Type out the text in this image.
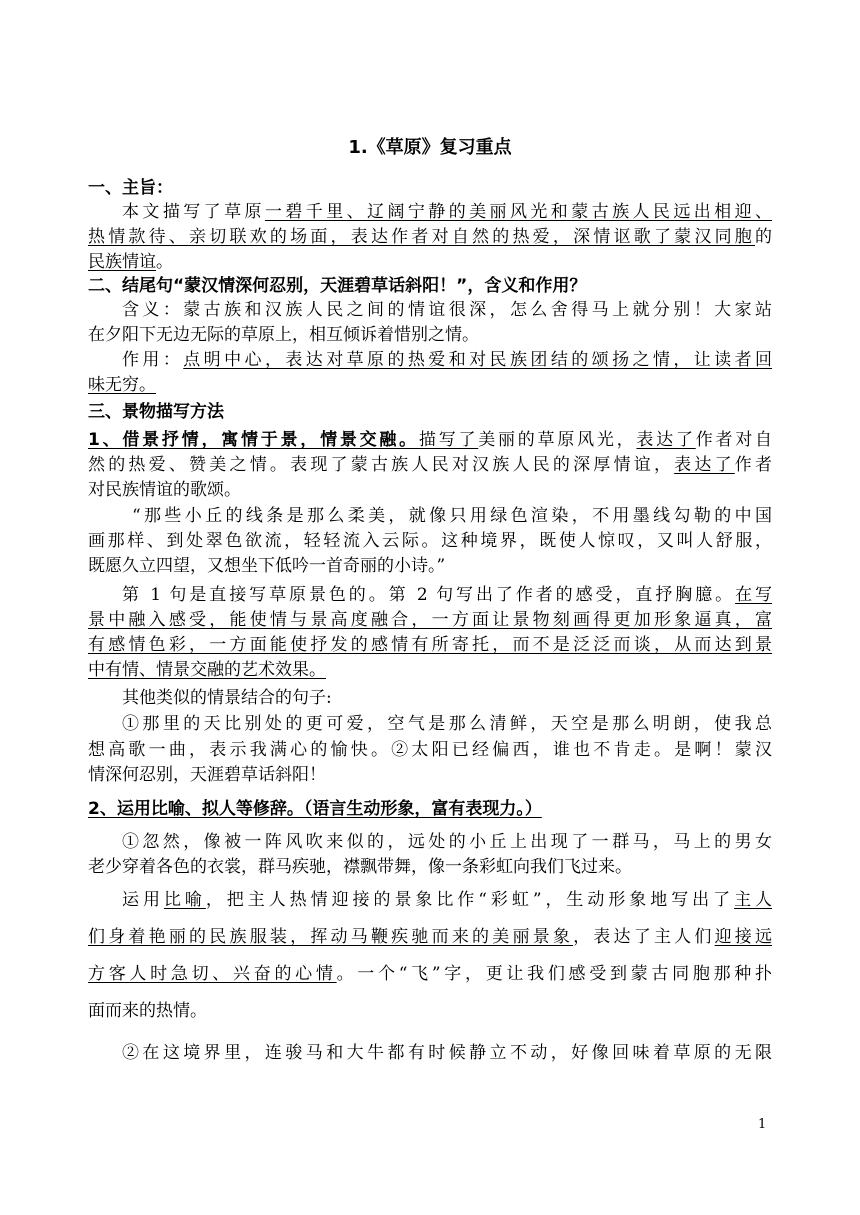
1.《草原》复习重点
一、主旨：
本文描写了草原一碧千里、辽阔宁静的美丽风光和蒙古族人民远出相迎、
热情款待、亲切联欢的场面，表达作者对自然的热爱，深情讴歌了蒙汉同胞的
民族情谊。
二、结尾句“蒙汉情深何忍别，天涯碧草话斜阳！”，含义和作用？
含义：蒙古族和汉族人民之间的情谊很深，怎么舍得马上就分别！大家站
在夕阳下无边无际的草原上，相互倾诉着惜别之情。
作用：点明中心，表达对草原的热爱和对民族团结的颂扬之情，让读者回
味无穷。
三、景物描写方法
1、借景抒情，寓情于景，情景交融。描写了美丽的草原风光，表达了作者对自
然的热爱、赞美之情。表现了蒙古族人民对汉族人民的深厚情谊，表达了作者
对民族情谊的歌颂。
“那些小丘的线条是那么柔美，就像只用绿色渲染，不用墨线勾勒的中国
画那样、到处翠色欲流，轻轻流入云际。这种境界，既使人惊叹，又叫人舒服，
既愿久立四望，又想坐下低吟一首奇丽的小诗。”
第 1 句是直接写草原景色的。第 2 句写出了作者的感受，直抒胸臆。在写
景中融入感受，能使情与景高度融合，一方面让景物刻画得更加形象逼真，富
有感情色彩，一方面能使抒发的感情有所寄托，而不是泛泛而谈，从而达到景
中有情、情景交融的艺术效果。
其他类似的情景结合的句子:
①那里的天比别处的更可爱，空气是那么清鲜，天空是那么明朗，使我总
想高歌一曲，表示我满心的愉快。②太阳已经偏西，谁也不肯走。是啊！蒙汉
情深何忍别，天涯碧草话斜阳！
2、运用比喻、拟人等修辞。（语言生动形象，富有表现力。）
①忽然，像被一阵风吹来似的，远处的小丘上出现了一群马，马上的男女
老少穿着各色的衣裳，群马疾驰，襟飘带舞，像一条彩虹向我们飞过来。
运用比喻，把主人热情迎接的景象比作“彩虹”，生动形象地写出了主人
们身着艳丽的民族服装，挥动马鞭疾驰而来的美丽景象，表达了主人们迎接远
方客人时急切、兴奋的心情。一个“飞”字，更让我们感受到蒙古同胞那种扑
面而来的热情。
②在这境界里，连骏马和大牛都有时候静立不动，好像回味着草原的无限
1
